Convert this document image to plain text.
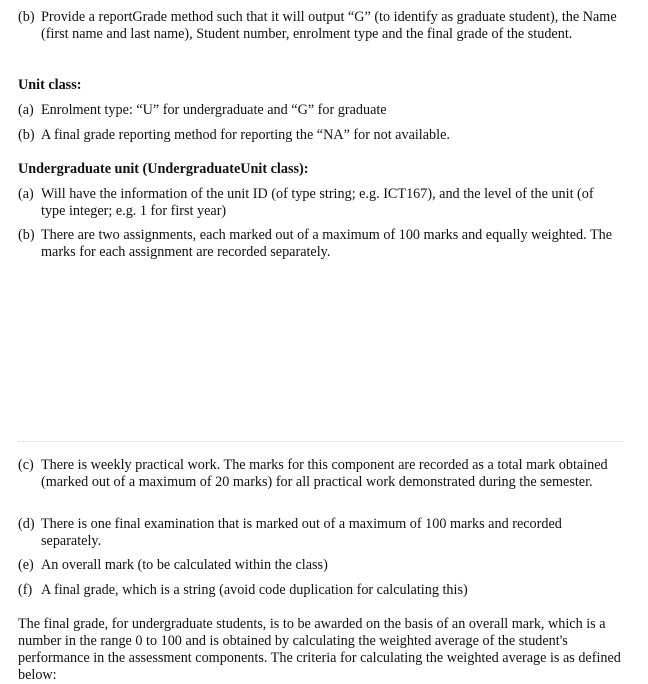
(b) Provide a reportGrade method such that it will output “G” (to identify as graduate student), the Name (first name and last name), Student number, enrolment type and the final grade of the student.
Unit class:
(a) Enrolment type: “U” for undergraduate and “G” for graduate
(b) A final grade reporting method for reporting the “NA” for not available.
Undergraduate unit (UndergraduateUnit class):
(a) Will have the information of the unit ID (of type string; e.g. ICT167), and the level of the unit (of type integer; e.g. 1 for first year)
(b) There are two assignments, each marked out of a maximum of 100 marks and equally weighted. The marks for each assignment are recorded separately.
(c) There is weekly practical work. The marks for this component are recorded as a total mark obtained (marked out of a maximum of 20 marks) for all practical work demonstrated during the semester.
(d) There is one final examination that is marked out of a maximum of 100 marks and recorded separately.
(e) An overall mark (to be calculated within the class)
(f) A final grade, which is a string (avoid code duplication for calculating this)
The final grade, for undergraduate students, is to be awarded on the basis of an overall mark, which is a number in the range 0 to 100 and is obtained by calculating the weighted average of the student's performance in the assessment components. The criteria for calculating the weighted average is as defined below:
